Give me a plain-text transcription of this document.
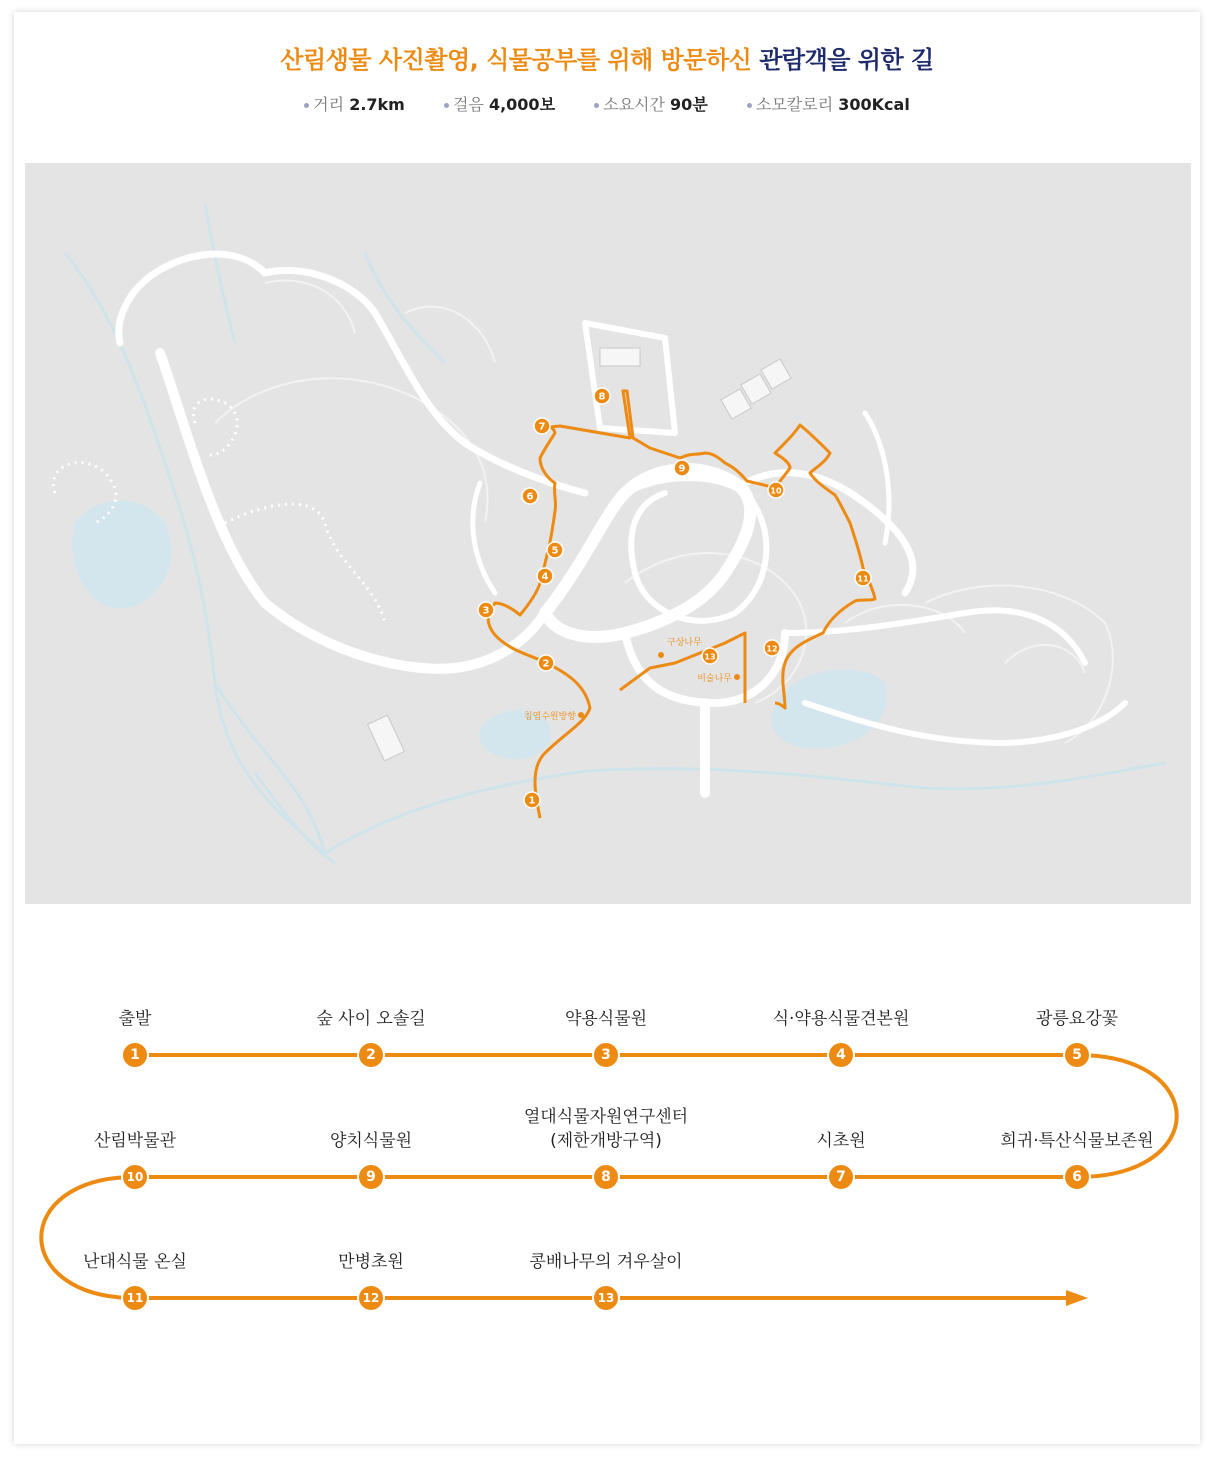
산림생물 사진촬영, 식물공부를 위해 방문하신 관람객을 위한 길
거리 2.7km	걸음 4,000보	소요시간 90분	소모칼로리 300Kcal
1
2
3
4
5
6
7
8
9
10
11
12
13
구상나무
비술나무
침엽수원방향
1
출발
2
숲 사이 오솔길
3
약용식물원
4
식·약용식물견본원
5
광릉요강꽃
6
희귀·특산식물보존원
7
시초원
8
열대식물자원연구센터
(제한개방구역)
9
양치식물원
10
산림박물관
11
난대식물 온실
12
만병초원
13
콩배나무의 겨우살이
